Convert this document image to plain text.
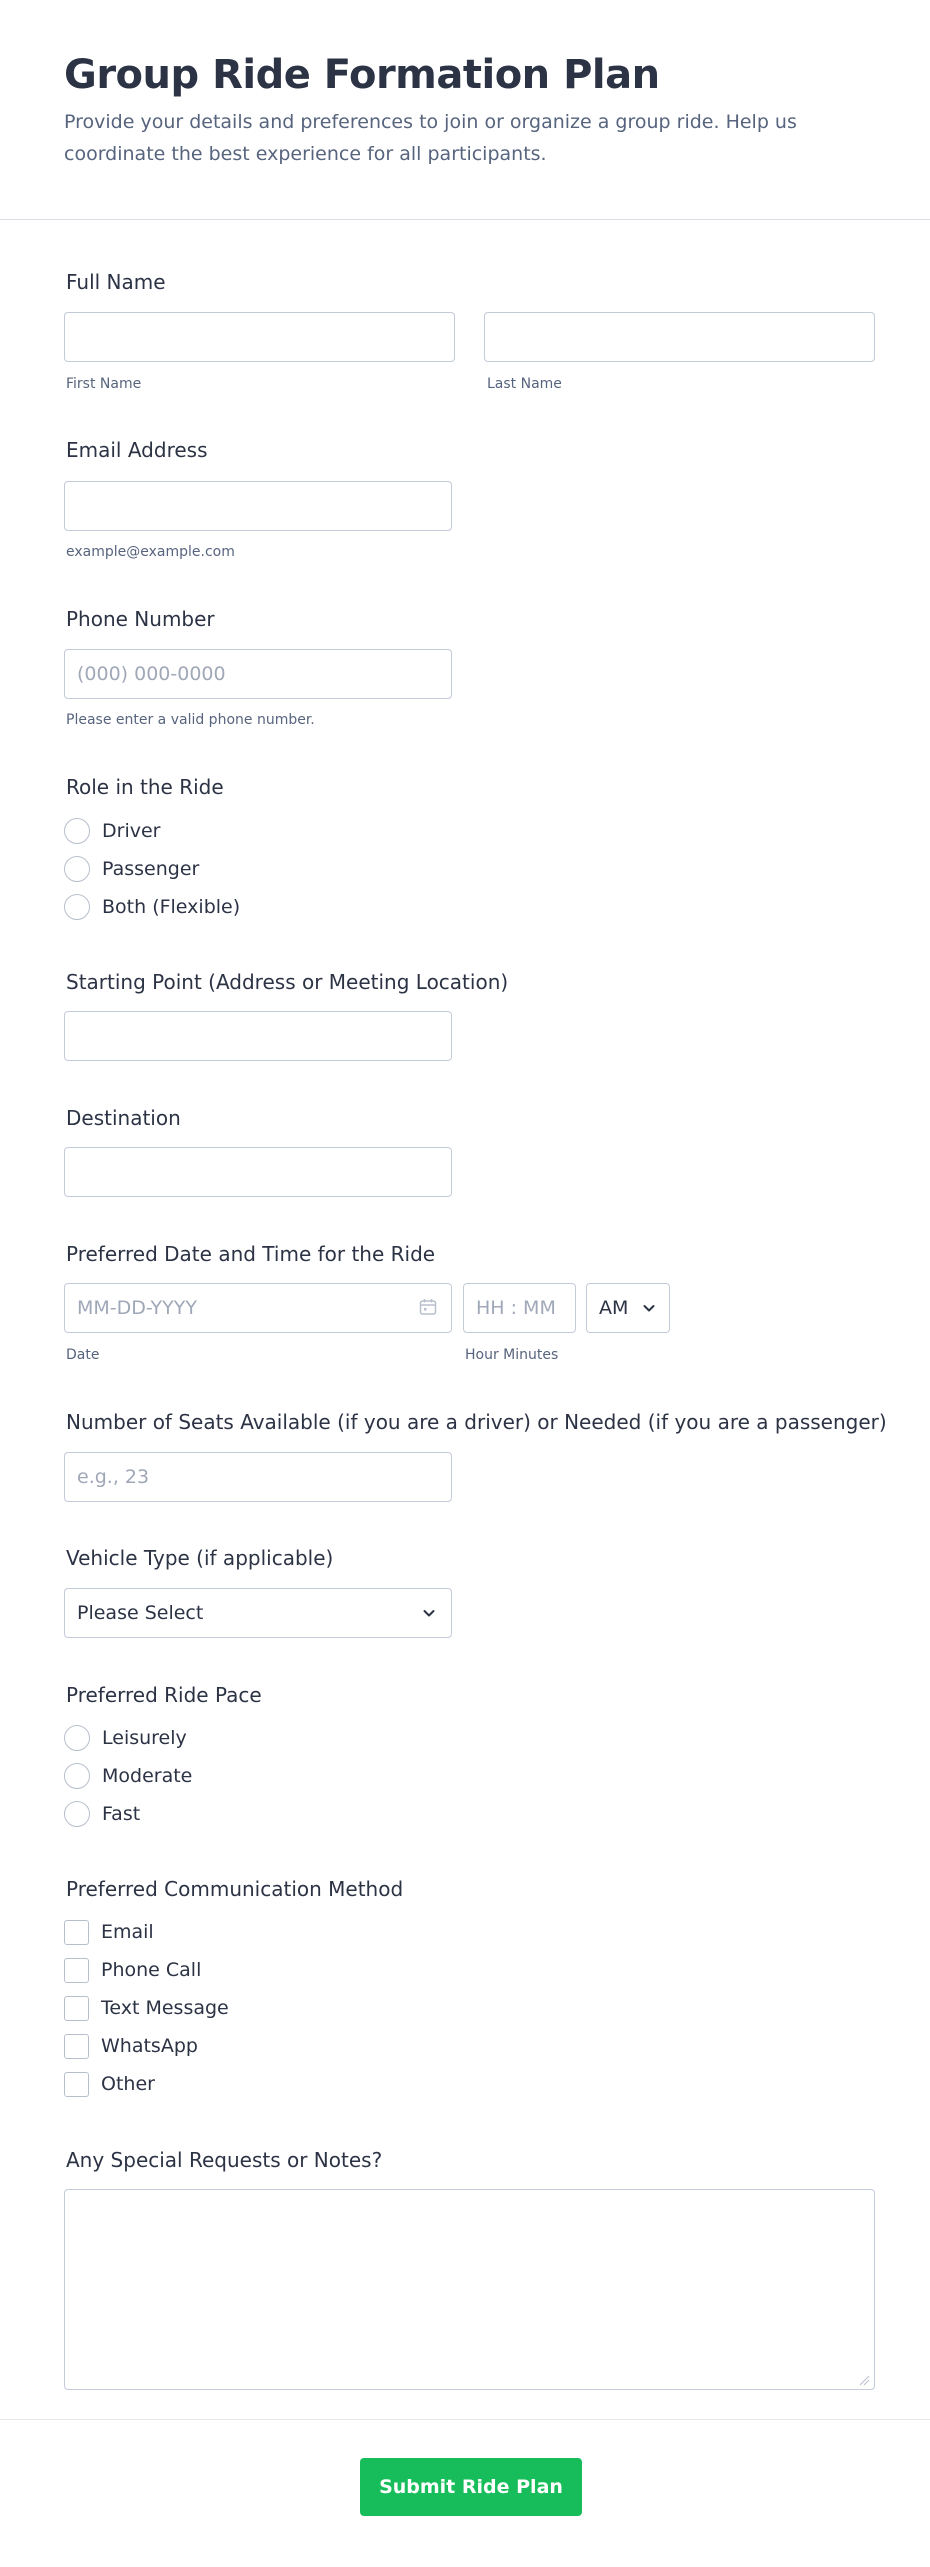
Group Ride Formation Plan

Provide your details and preferences to join or organize a group ride. Help us coordinate the best experience for all participants.

Full Name
First Name	Last Name
Email Address
example@example.com
Phone Number
(000) 000-0000
Please enter a valid phone number.
Role in the Ride
Driver
Passenger
Both (Flexible)
Starting Point (Address or Meeting Location)
Destination
Preferred Date and Time for the Ride
MM-DD-YYYY
HH : MM
AM
Date	Hour Minutes
Number of Seats Available (if you are a driver) or Needed (if you are a passenger)
e.g., 23
Vehicle Type (if applicable)
Please Select
Preferred Ride Pace
Leisurely
Moderate
Fast
Preferred Communication Method
Email
Phone Call
Text Message
WhatsApp
Other
Any Special Requests or Notes?
Submit Ride Plan
